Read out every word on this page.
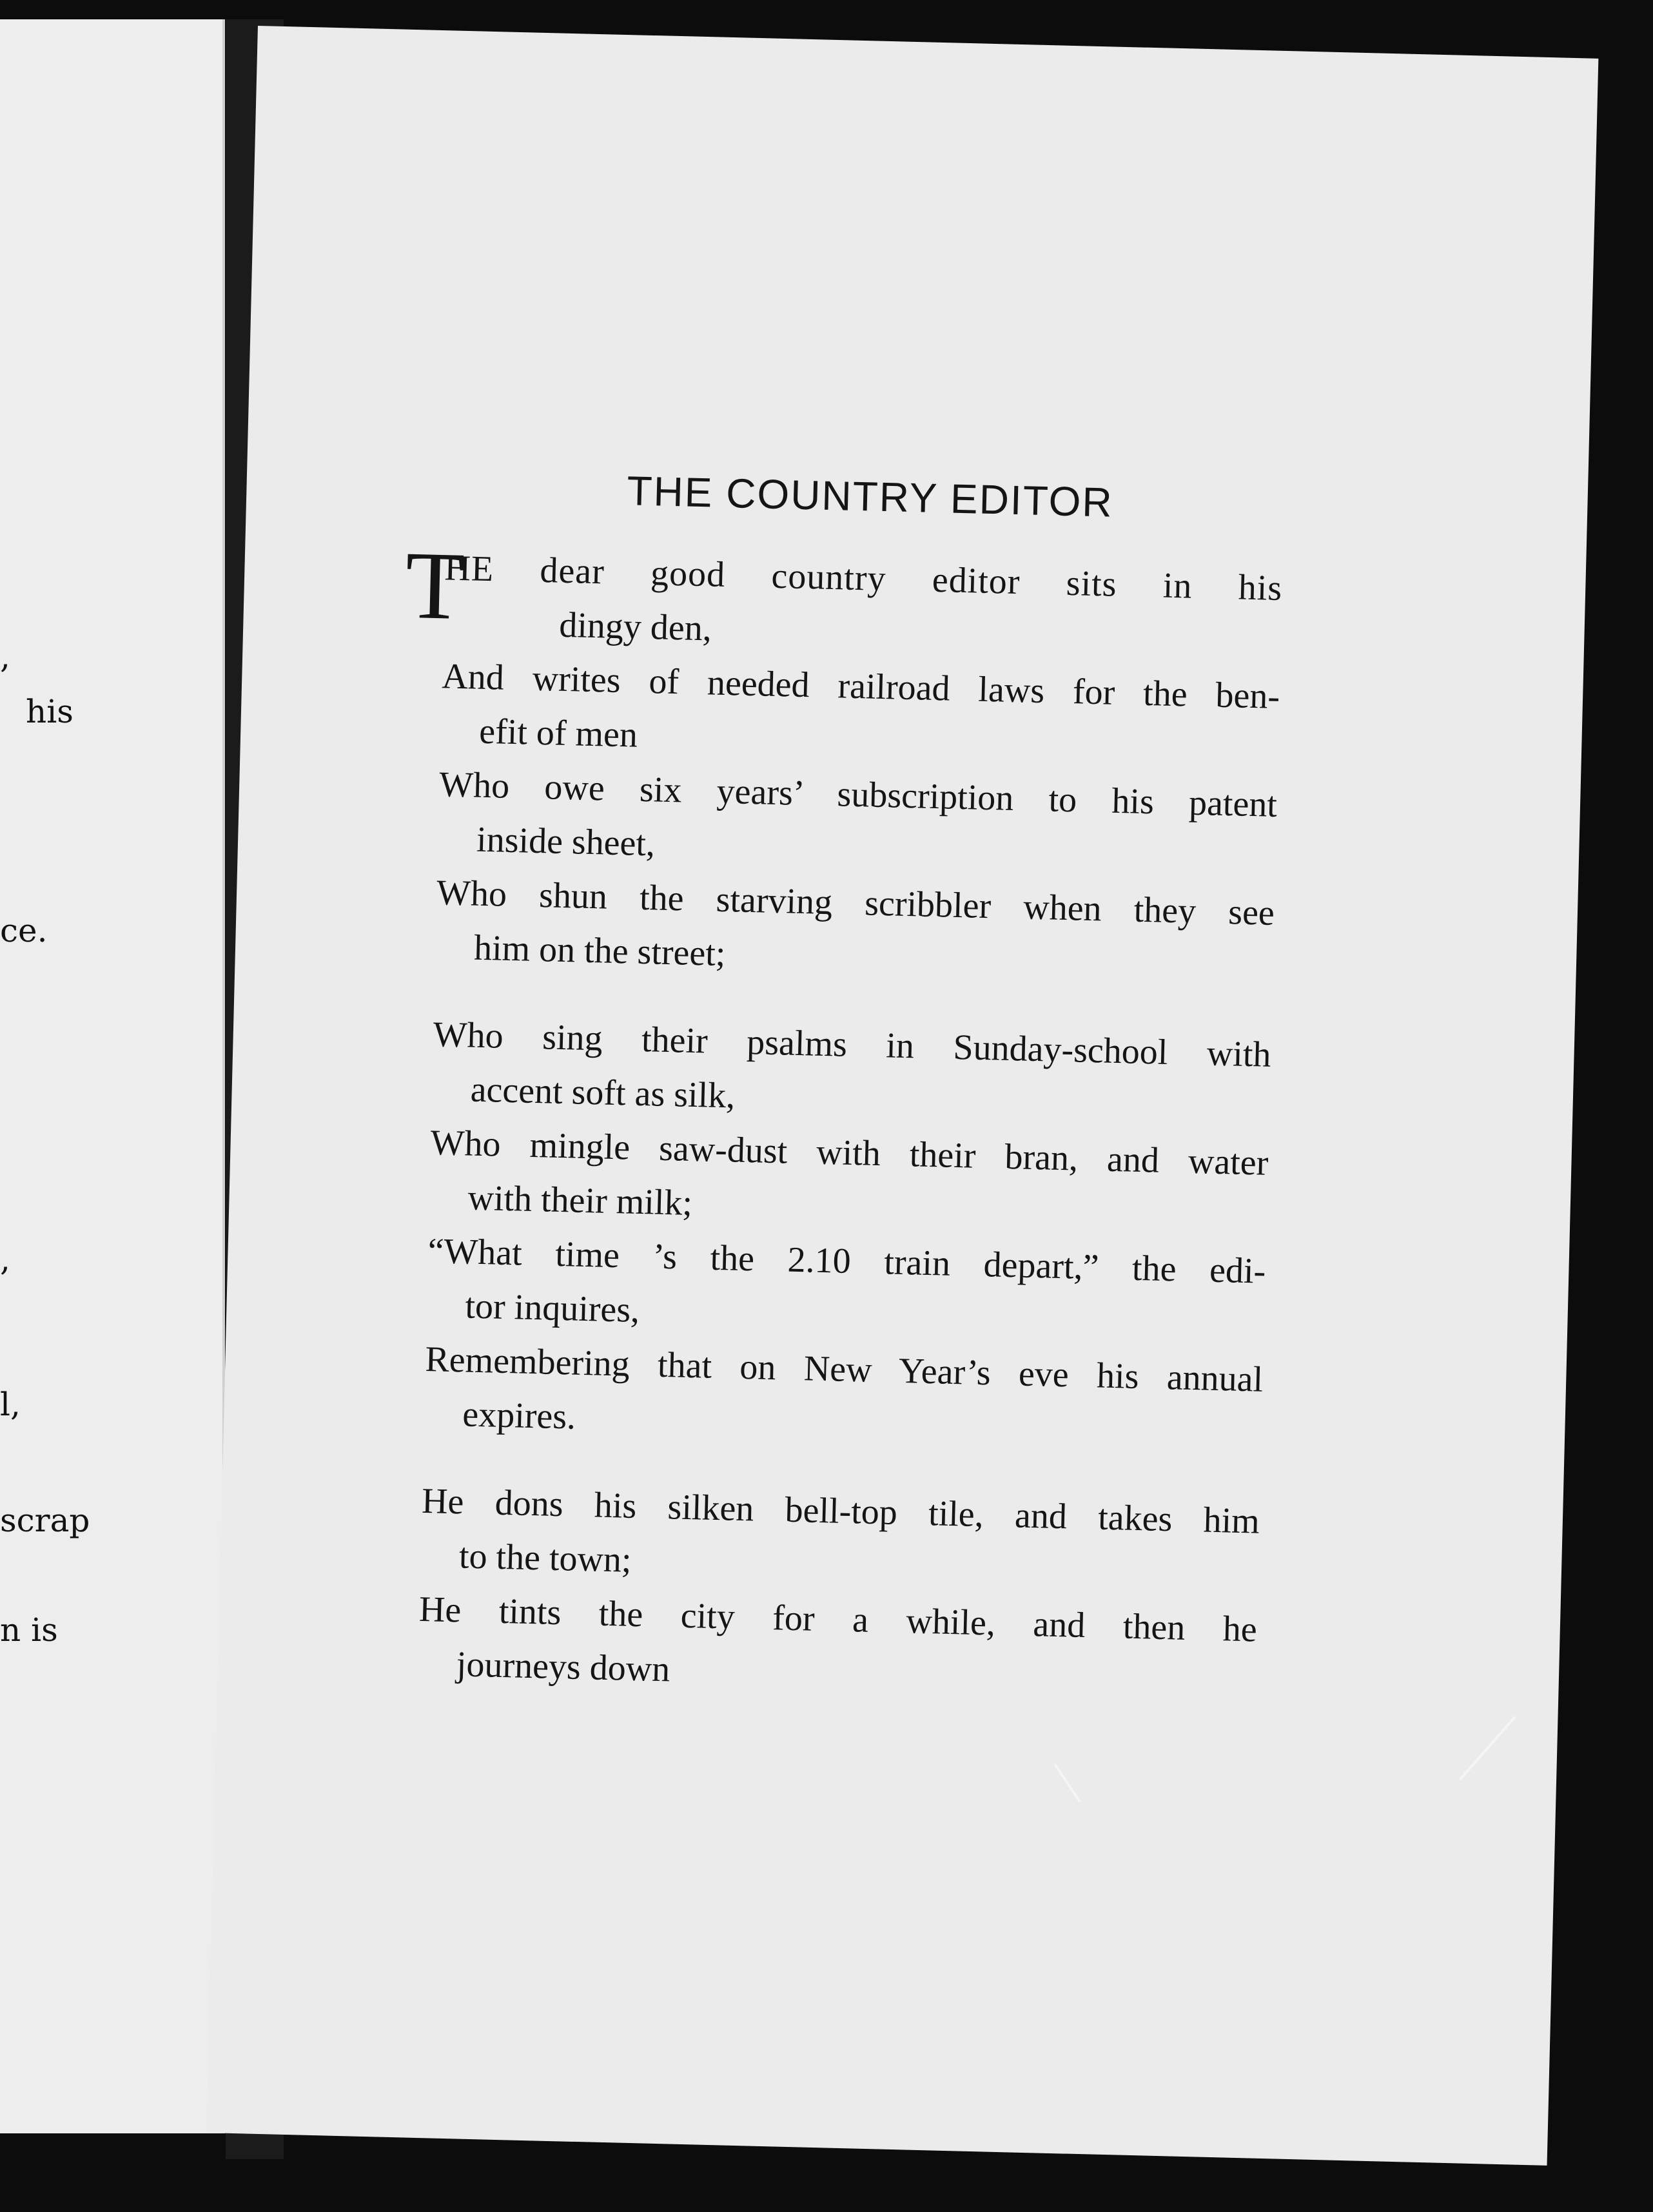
,
his
ce.
,
l,
scrap
n is
THE COUNTRY EDITOR
T
HE dear good country editor sits in his
dingy den,
And writes of needed railroad laws for the ben-
efit of men
Who owe six years’ subscription to his patent
inside sheet,
Who shun the starving scribbler when they see
him on the street;
Who sing their psalms in Sunday-school with
accent soft as silk,
Who mingle saw-dust with their bran, and water
with their milk;
“What time ’s the 2.10 train depart,” the edi-
tor inquires,
Remembering that on New Year’s eve his annual
expires.
He dons his silken bell-top tile, and takes him
to the town;
He tints the city for a while, and then he
journeys down
